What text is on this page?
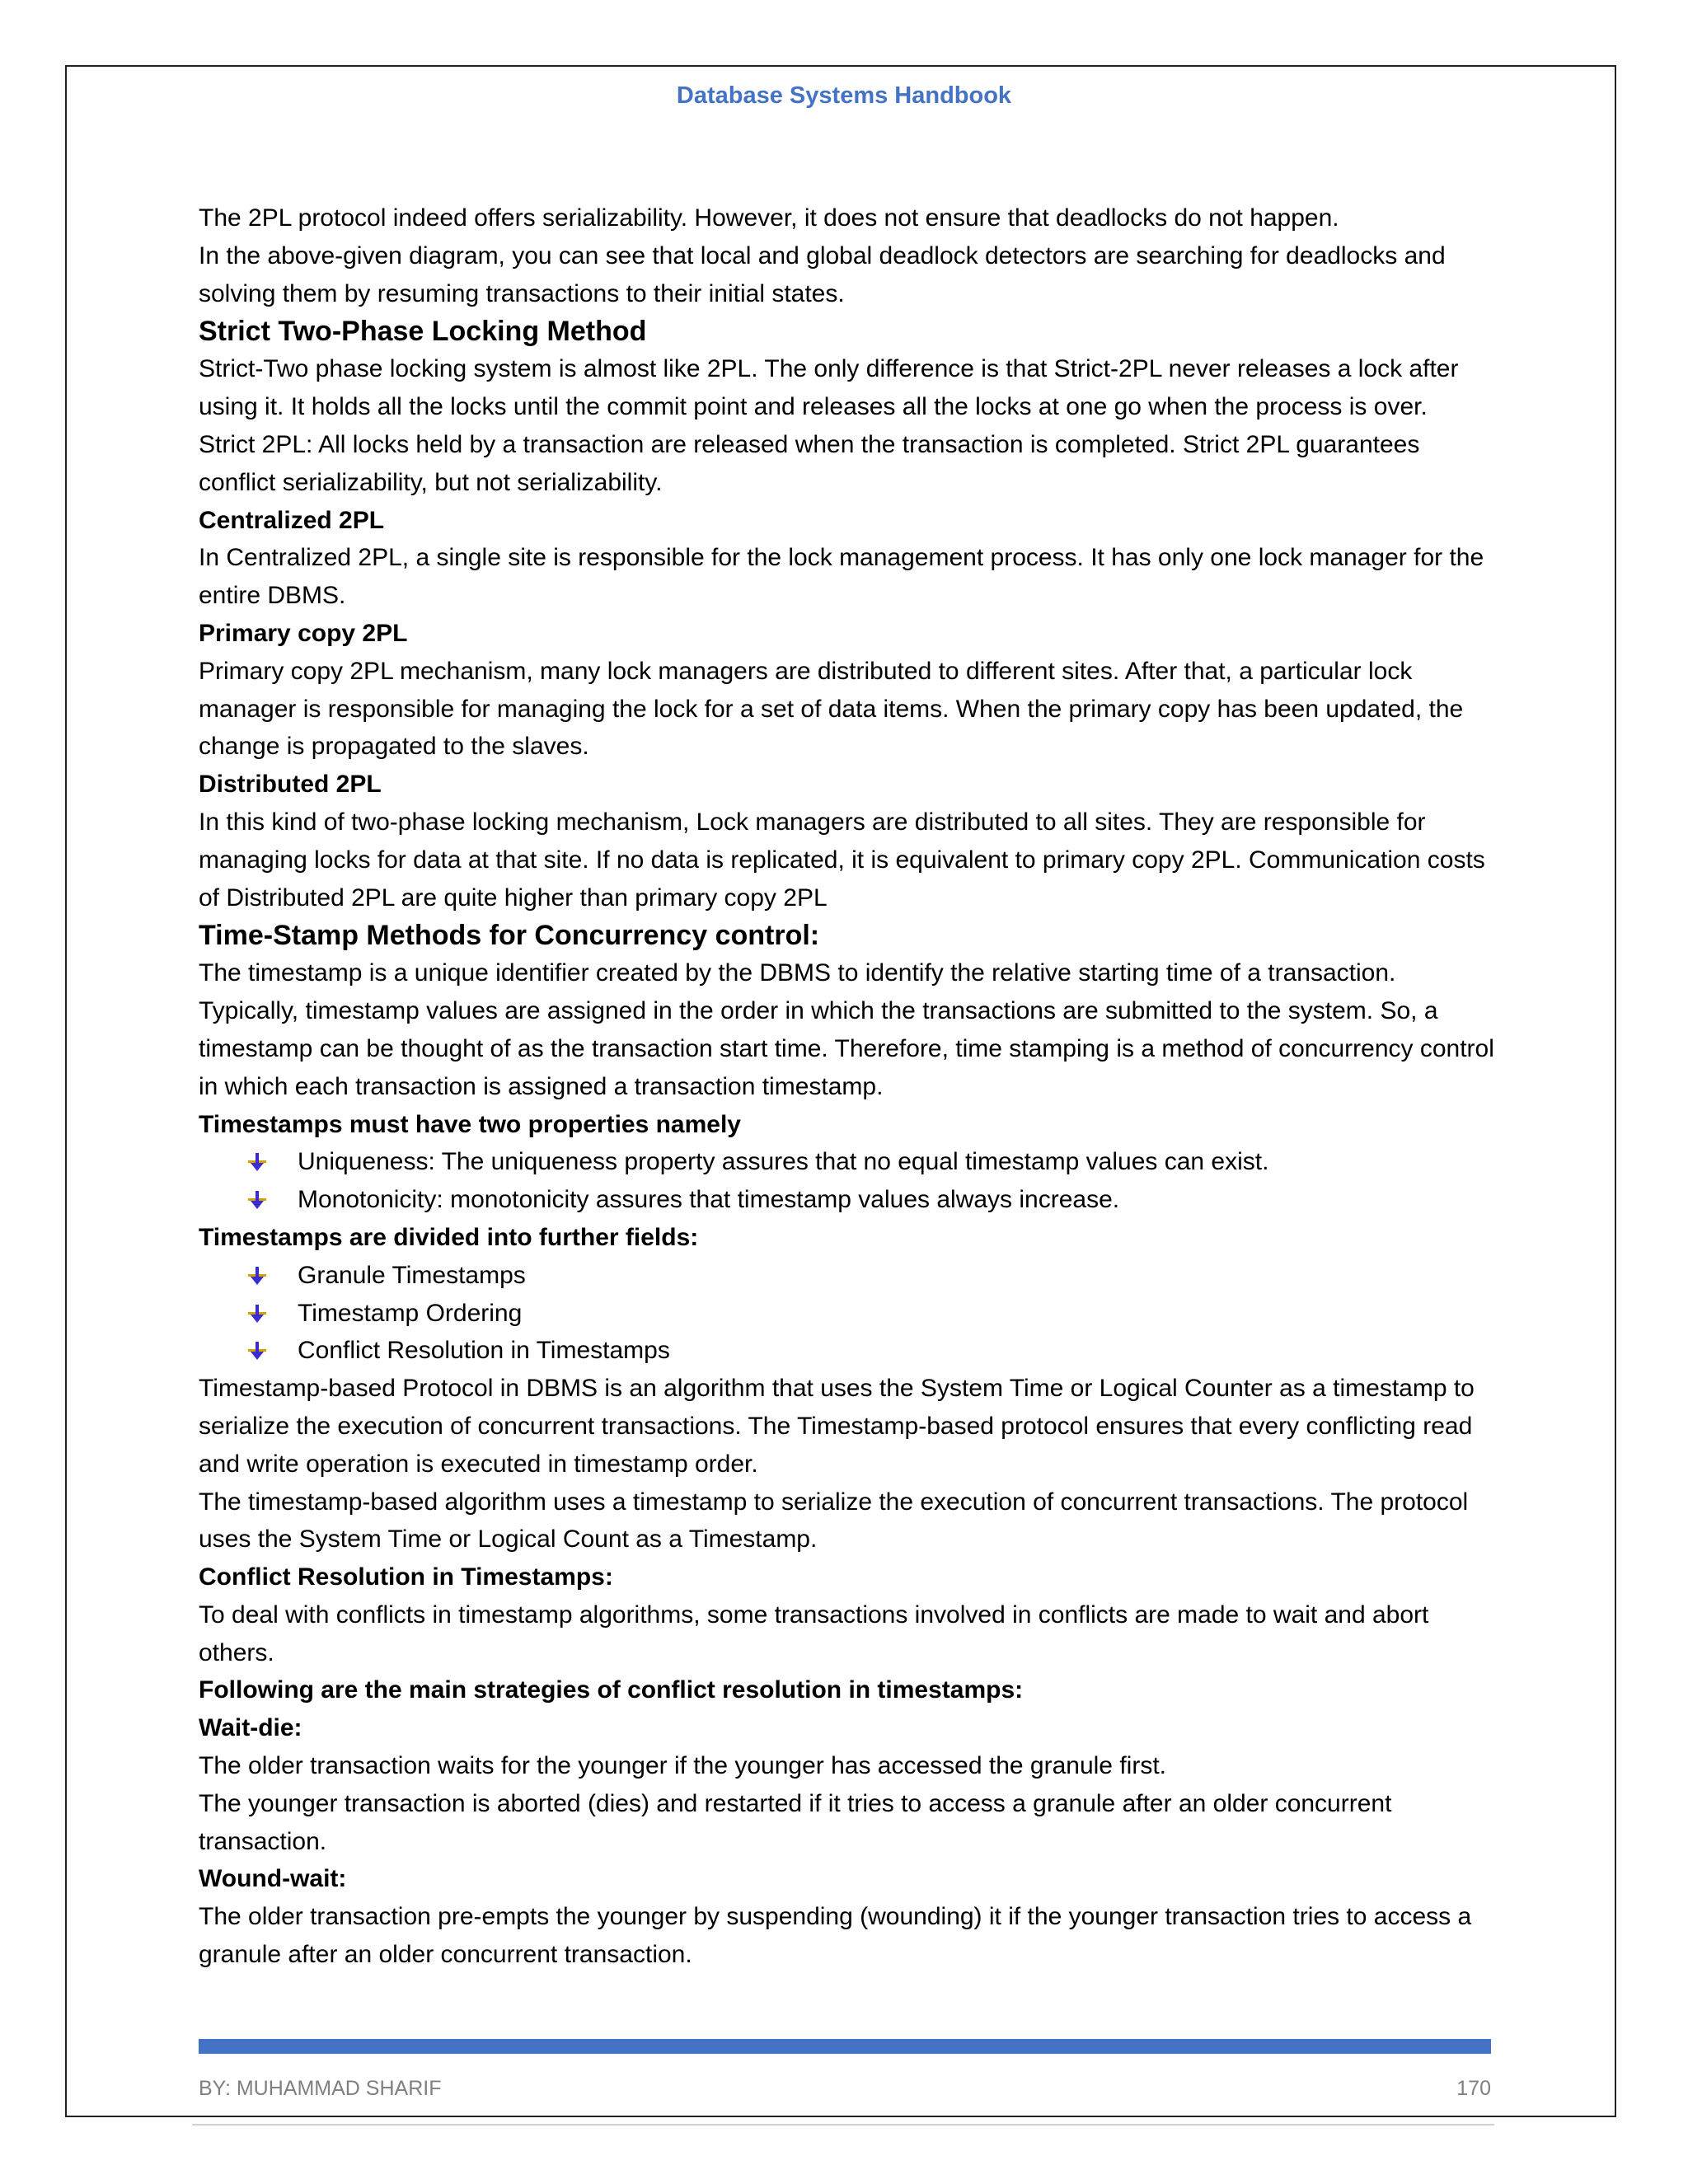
Database Systems Handbook

The 2PL protocol indeed offers serializability. However, it does not ensure that deadlocks do not happen.

In the above-given diagram, you can see that local and global deadlock detectors are searching for deadlocks and solving them by resuming transactions to their initial states.

Strict Two-Phase Locking Method

Strict-Two phase locking system is almost like 2PL. The only difference is that Strict-2PL never releases a lock after using it. It holds all the locks until the commit point and releases all the locks at one go when the process is over.

Strict 2PL: All locks held by a transaction are released when the transaction is completed. Strict 2PL guarantees conflict serializability, but not serializability.

Centralized 2PL

In Centralized 2PL, a single site is responsible for the lock management process. It has only one lock manager for the entire DBMS.

Primary copy 2PL

Primary copy 2PL mechanism, many lock managers are distributed to different sites. After that, a particular lock manager is responsible for managing the lock for a set of data items. When the primary copy has been updated, the change is propagated to the slaves.

Distributed 2PL

In this kind of two-phase locking mechanism, Lock managers are distributed to all sites. They are responsible for managing locks for data at that site. If no data is replicated, it is equivalent to primary copy 2PL. Communication costs of Distributed 2PL are quite higher than primary copy 2PL

Time-Stamp Methods for Concurrency control:

The timestamp is a unique identifier created by the DBMS to identify the relative starting time of a transaction. Typically, timestamp values are assigned in the order in which the transactions are submitted to the system. So, a timestamp can be thought of as the transaction start time. Therefore, time stamping is a method of concurrency control in which each transaction is assigned a transaction timestamp.

Timestamps must have two properties namely
Uniqueness: The uniqueness property assures that no equal timestamp values can exist.
Monotonicity: monotonicity assures that timestamp values always increase.
Timestamps are divided into further fields:
Granule Timestamps
Timestamp Ordering
Conflict Resolution in Timestamps

Timestamp-based Protocol in DBMS is an algorithm that uses the System Time or Logical Counter as a timestamp to serialize the execution of concurrent transactions. The Timestamp-based protocol ensures that every conflicting read and write operation is executed in timestamp order.

The timestamp-based algorithm uses a timestamp to serialize the execution of concurrent transactions. The protocol uses the System Time or Logical Count as a Timestamp.

Conflict Resolution in Timestamps:

To deal with conflicts in timestamp algorithms, some transactions involved in conflicts are made to wait and abort others.

Following are the main strategies of conflict resolution in timestamps:
Wait-die:

The older transaction waits for the younger if the younger has accessed the granule first.

The younger transaction is aborted (dies) and restarted if it tries to access a granule after an older concurrent transaction.

Wound-wait:

The older transaction pre-empts the younger by suspending (wounding) it if the younger transaction tries to access a granule after an older concurrent transaction.

BY: MUHAMMAD SHARIF	170
